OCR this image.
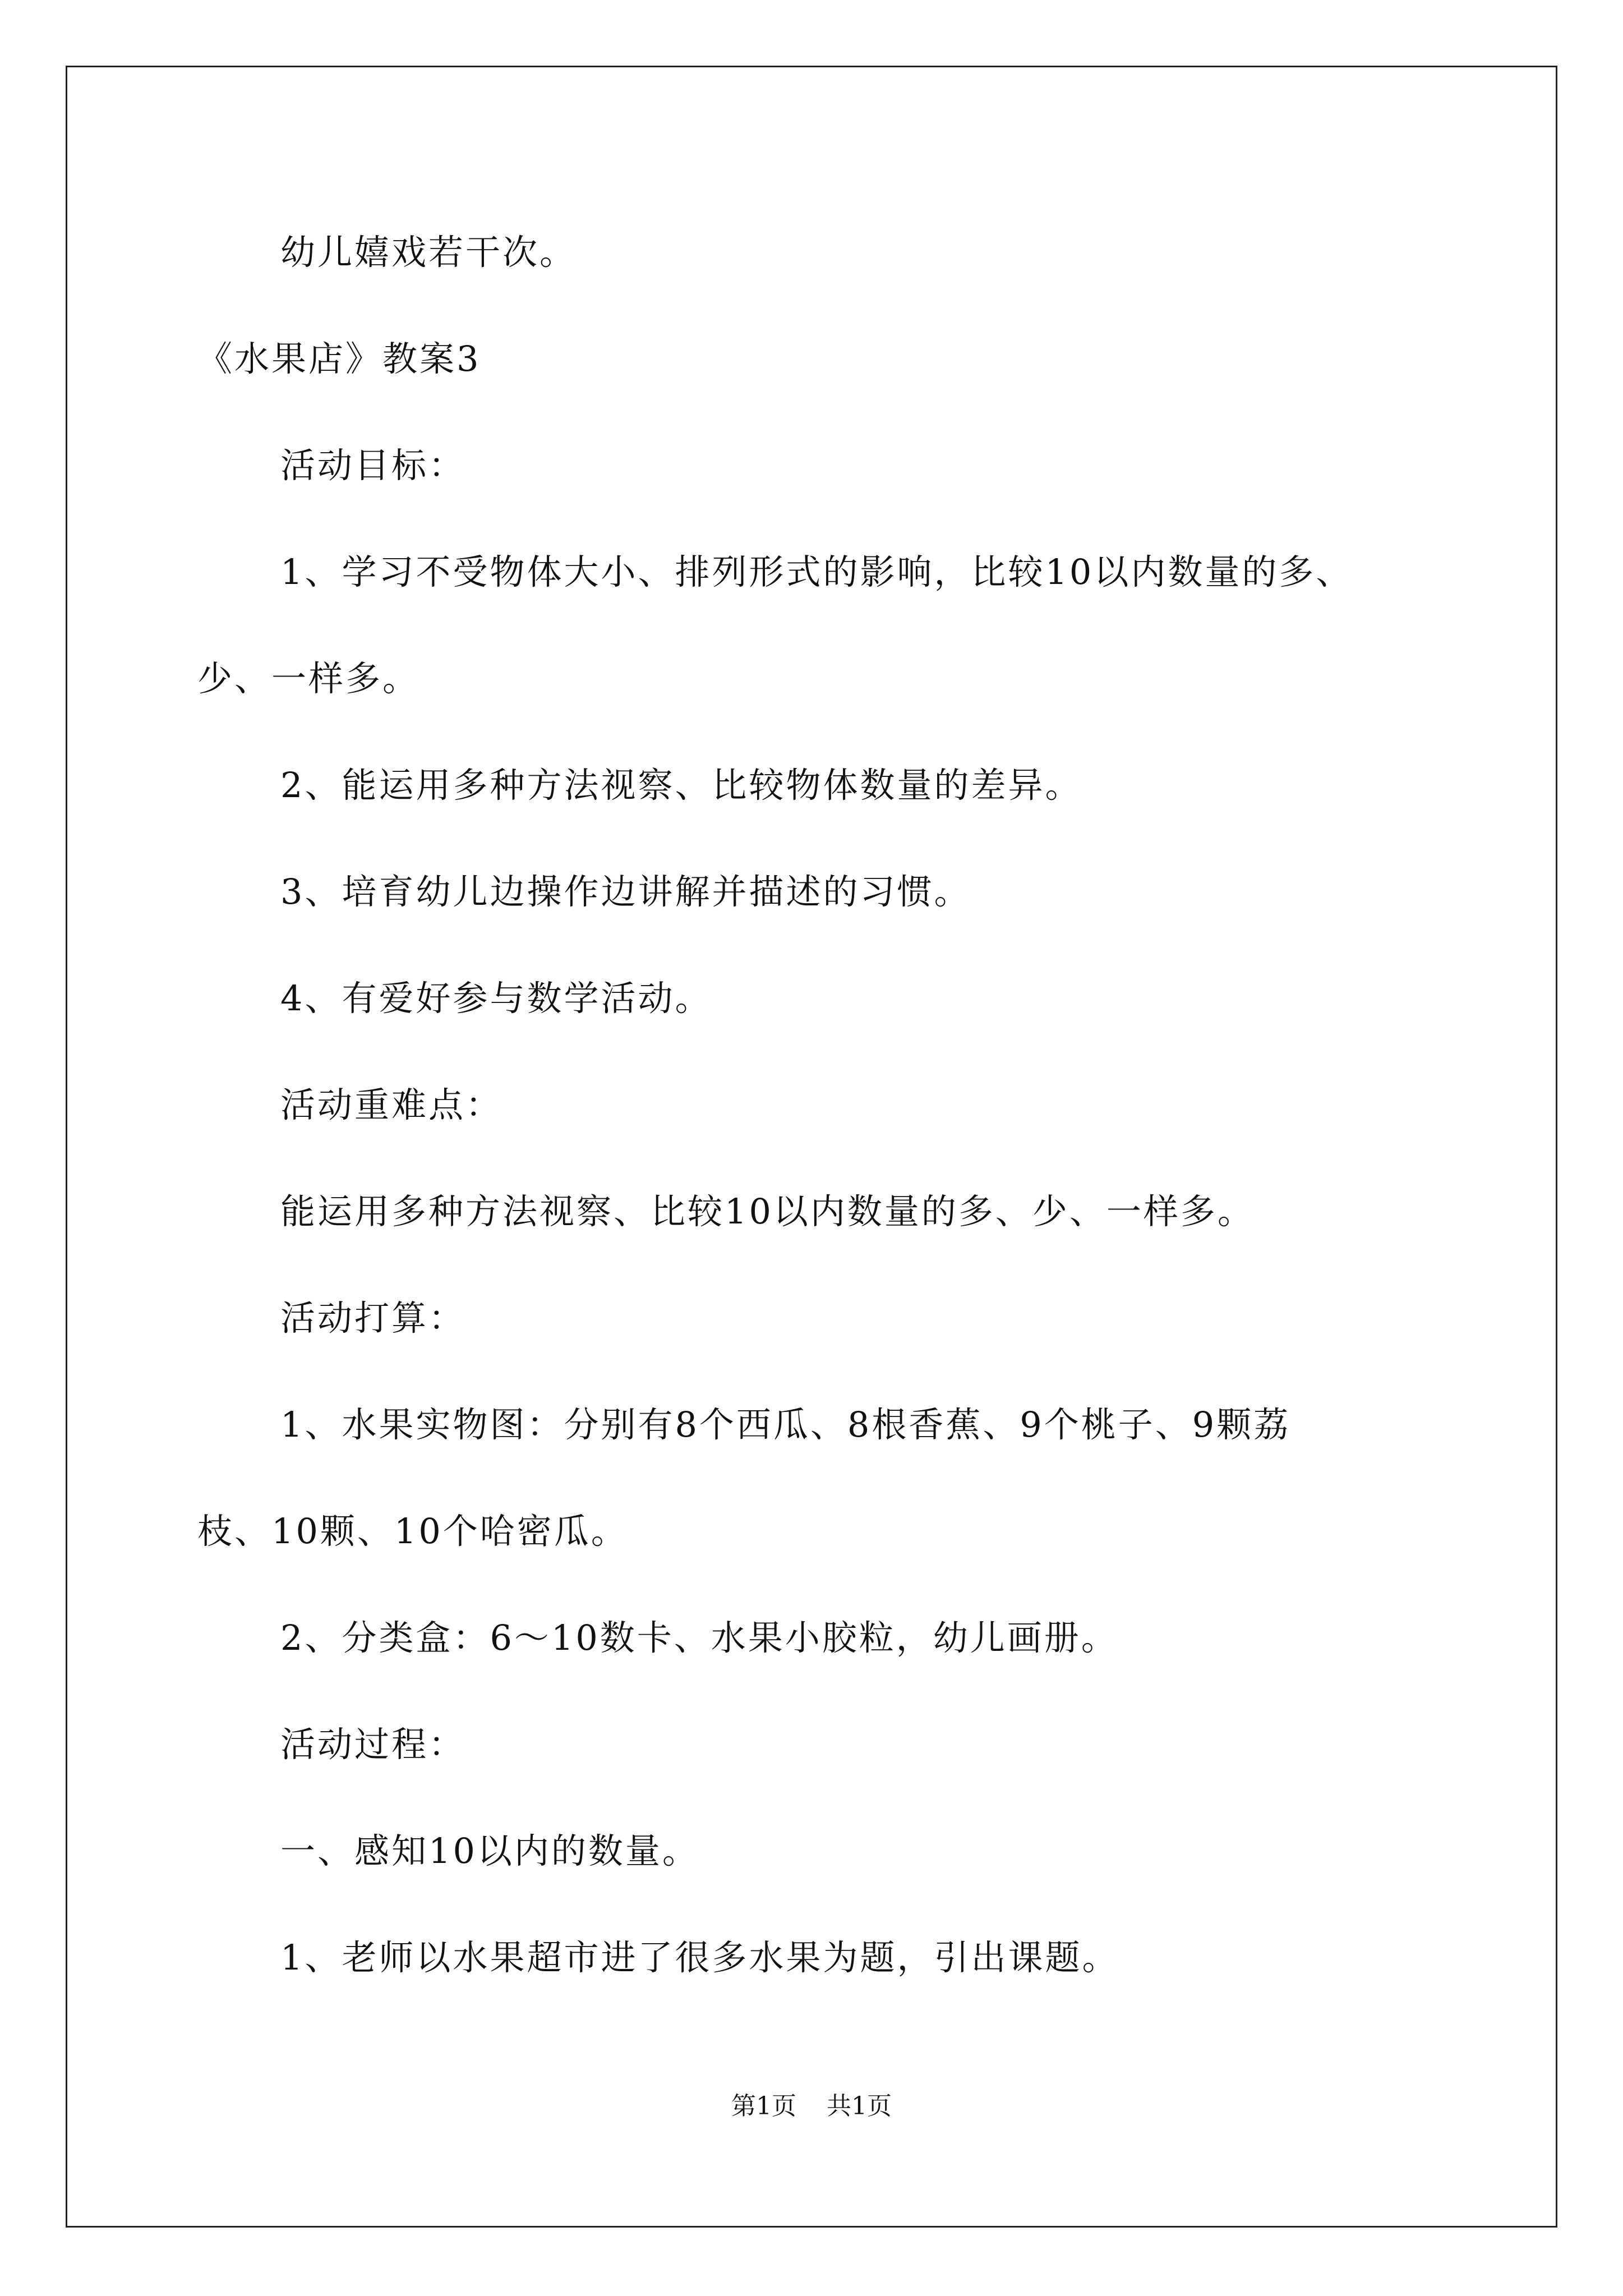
幼儿嬉戏若干次。
《水果店》教案3
活动目标：
1、学习不受物体大小、排列形式的影响，比较10以内数量的多、
少、一样多。
2、能运用多种方法视察、比较物体数量的差异。
3、培育幼儿边操作边讲解并描述的习惯。
4、有爱好参与数学活动。
活动重难点：
能运用多种方法视察、比较10以内数量的多、少、一样多。
活动打算：
1、水果实物图：分别有8个西瓜、8根香蕉、9个桃子、9颗荔
枝、10颗、10个哈密瓜。
2、分类盒：6～10数卡、水果小胶粒，幼儿画册。
活动过程：
一、感知10以内的数量。
1、老师以水果超市进了很多水果为题，引出课题。
第1页 共1页
